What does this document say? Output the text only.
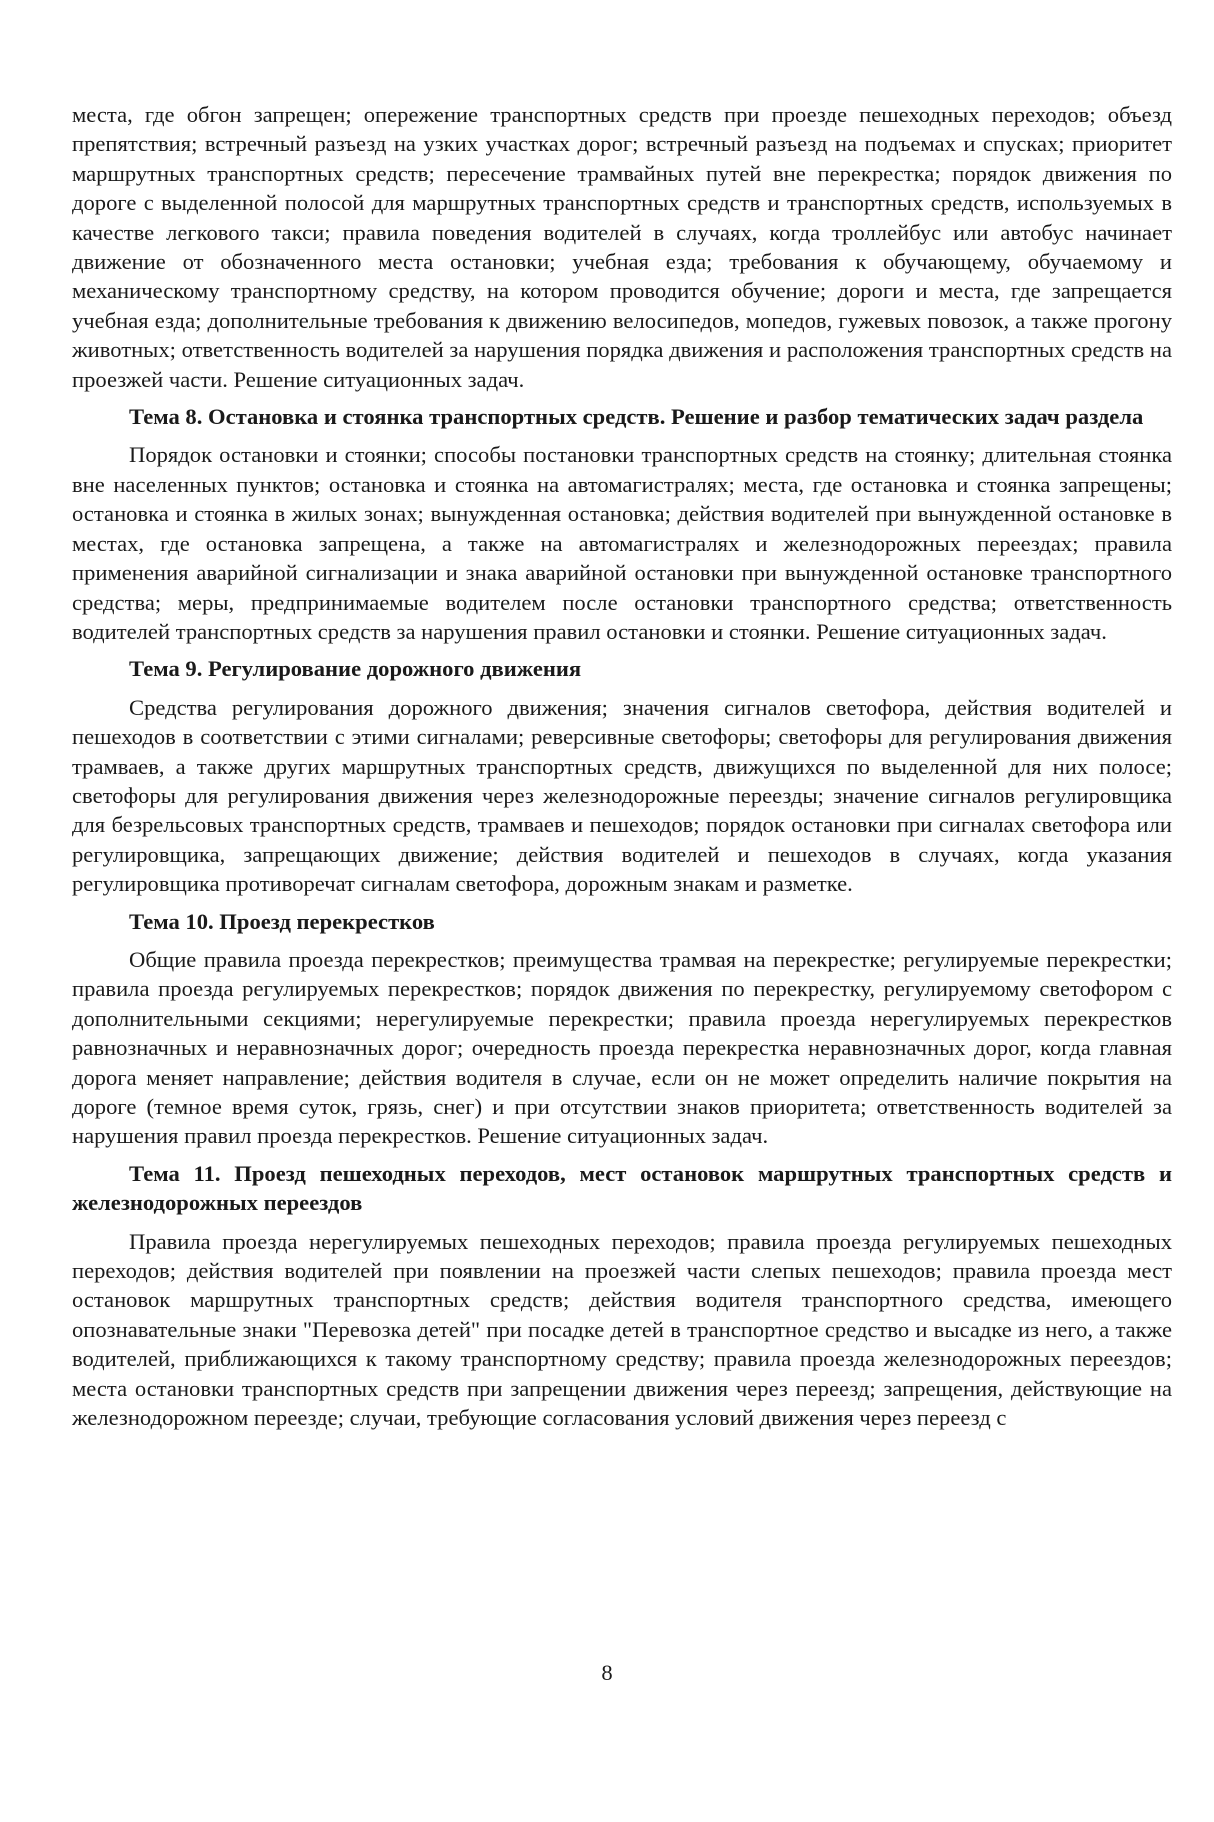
места, где обгон запрещен; опережение транспортных средств при проезде пешеходных переходов; объезд препятствия; встречный разъезд на узких участках дорог; встречный разъезд на подъемах и спусках; приоритет маршрутных транспортных средств; пересечение трамвайных путей вне перекрестка; порядок движения по дороге с выделенной полосой для маршрутных транспортных средств и транспортных средств, используемых в качестве легкового такси; правила поведения водителей в случаях, когда троллейбус или автобус начинает движение от обозначенного места остановки; учебная езда; требования к обучающему, обучаемому и механическому транспортному средству, на котором проводится обучение; дороги и места, где запрещается учебная езда; дополнительные требования к движению велосипедов, мопедов, гужевых повозок, а также прогону животных; ответственность водителей за нарушения порядка движения и расположения транспортных средств на проезжей части. Решение ситуационных задач.

Тема 8. Остановка и стоянка транспортных средств. Решение и разбор тематических задач раздела

Порядок остановки и стоянки; способы постановки транспортных средств на стоянку; длительная стоянка вне населенных пунктов; остановка и стоянка на автомагистралях; места, где остановка и стоянка запрещены; остановка и стоянка в жилых зонах; вынужденная остановка; действия водителей при вынужденной остановке в местах, где остановка запрещена, а также на автомагистралях и железнодорожных переездах; правила применения аварийной сигнализации и знака аварийной остановки при вынужденной остановке транспортного средства; меры, предпринимаемые водителем после остановки транспортного средства; ответственность водителей транспортных средств за нарушения правил остановки и стоянки. Решение ситуационных задач.

Тема 9. Регулирование дорожного движения

Средства регулирования дорожного движения; значения сигналов светофора, действия водителей и пешеходов в соответствии с этими сигналами; реверсивные светофоры; светофоры для регулирования движения трамваев, а также других маршрутных транспортных средств, движущихся по выделенной для них полосе; светофоры для регулирования движения через железнодорожные переезды; значение сигналов регулировщика для безрельсовых транспортных средств, трамваев и пешеходов; порядок остановки при сигналах светофора или регулировщика, запрещающих движение; действия водителей и пешеходов в случаях, когда указания регулировщика противоречат сигналам светофора, дорожным знакам и разметке.

Тема 10. Проезд перекрестков

Общие правила проезда перекрестков; преимущества трамвая на перекрестке; регулируемые перекрестки; правила проезда регулируемых перекрестков; порядок движения по перекрестку, регулируемому светофором с дополнительными секциями; нерегулируемые перекрестки; правила проезда нерегулируемых перекрестков равнозначных и неравнозначных дорог; очередность проезда перекрестка неравнозначных дорог, когда главная дорога меняет направление; действия водителя в случае, если он не может определить наличие покрытия на дороге (темное время суток, грязь, снег) и при отсутствии знаков приоритета; ответственность водителей за нарушения правил проезда перекрестков. Решение ситуационных задач.

Тема 11. Проезд пешеходных переходов, мест остановок маршрутных транспортных средств и железнодорожных переездов

Правила проезда нерегулируемых пешеходных переходов; правила проезда регулируемых пешеходных переходов; действия водителей при появлении на проезжей части слепых пешеходов; правила проезда мест остановок маршрутных транспортных средств; действия водителя транспортного средства, имеющего опознавательные знаки "Перевозка детей" при посадке детей в транспортное средство и высадке из него, а также водителей, приближающихся к такому транспортному средству; правила проезда железнодорожных переездов; места остановки транспортных средств при запрещении движения через переезд; запрещения, действующие на железнодорожном переезде; случаи, требующие согласования условий движения через переезд с

8
